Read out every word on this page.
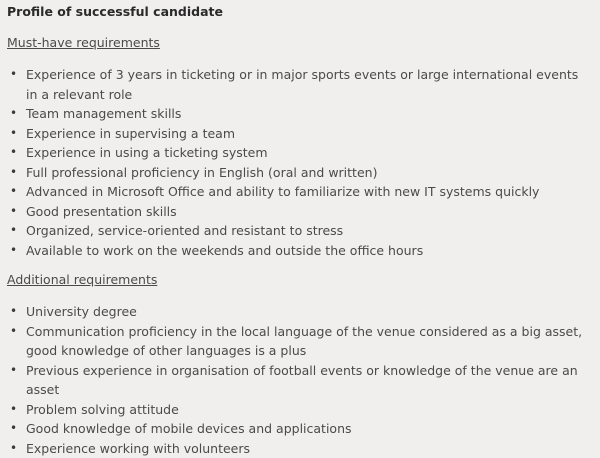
Profile of successful candidate
Must-have requirements
• Experience of 3 years in ticketing or in major sports events or large international events in a relevant role
• Team management skills
• Experience in supervising a team
• Experience in using a ticketing system
• Full professional proficiency in English (oral and written)
• Advanced in Microsoft Office and ability to familiarize with new IT systems quickly
• Good presentation skills
• Organized, service-oriented and resistant to stress
• Available to work on the weekends and outside the office hours
Additional requirements
• University degree
• Communication proficiency in the local language of the venue considered as a big asset, good knowledge of other languages is a plus
• Previous experience in organisation of football events or knowledge of the venue are an asset
• Problem solving attitude
• Good knowledge of mobile devices and applications
• Experience working with volunteers
